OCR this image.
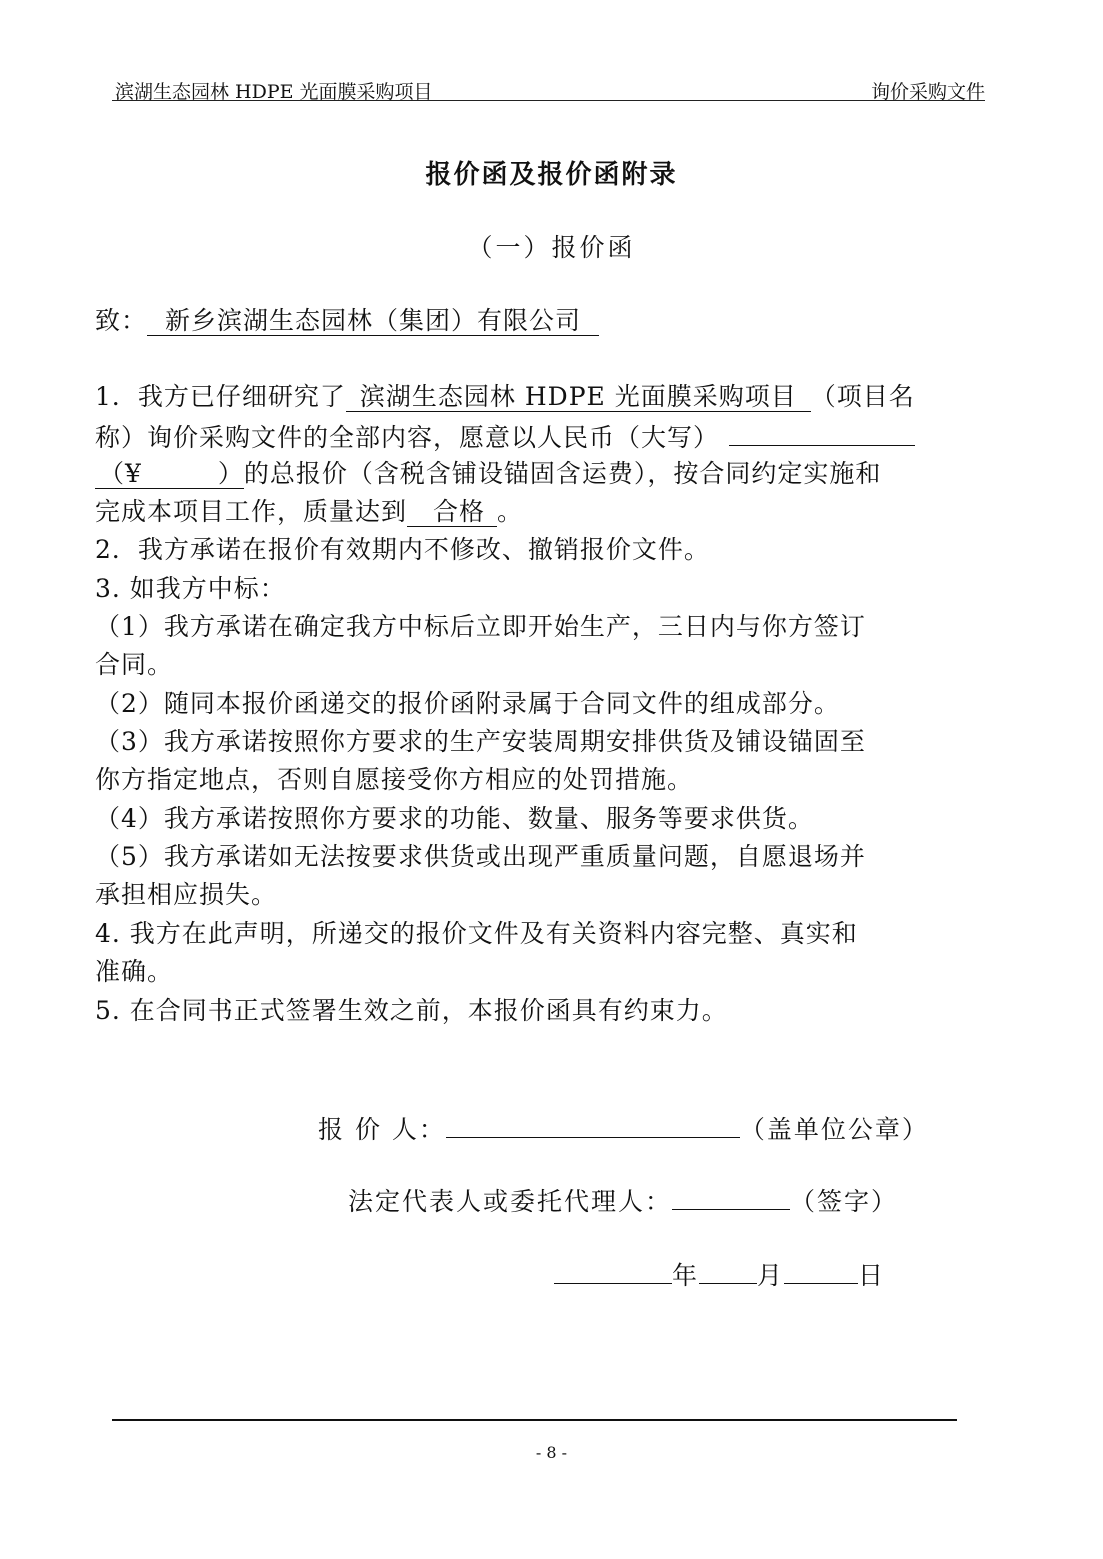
滨湖生态园林 HDPE 光面膜采购项目	询价采购文件
报价函及报价函附录
（一）报价函
致： 新乡滨湖生态园林（集团）有限公司
1．我方已仔细研究了 滨湖生态园林 HDPE 光面膜采购项目 （项目名
称）询价采购文件的全部内容，愿意以人民币（大写）
（¥	）的总报价（含税含铺设锚固含运费），按合同约定实施和
完成本项目工作，质量达到 合格 。
2．我方承诺在报价有效期内不修改、撤销报价文件。
3. 如我方中标：
（1）我方承诺在确定我方中标后立即开始生产，三日内与你方签订
合同。
（2）随同本报价函递交的报价函附录属于合同文件的组成部分。
（3）我方承诺按照你方要求的生产安装周期安排供货及铺设锚固至
你方指定地点，否则自愿接受你方相应的处罚措施。
（4）我方承诺按照你方要求的功能、数量、服务等要求供货。
（5）我方承诺如无法按要求供货或出现严重质量问题，自愿退场并
承担相应损失。
4. 我方在此声明，所递交的报价文件及有关资料内容完整、真实和
准确。
5. 在合同书正式签署生效之前，本报价函具有约束力。
报 价 人：	（盖单位公章）
法定代表人或委托代理人：	（签字）
年 月	日
- 8 -
